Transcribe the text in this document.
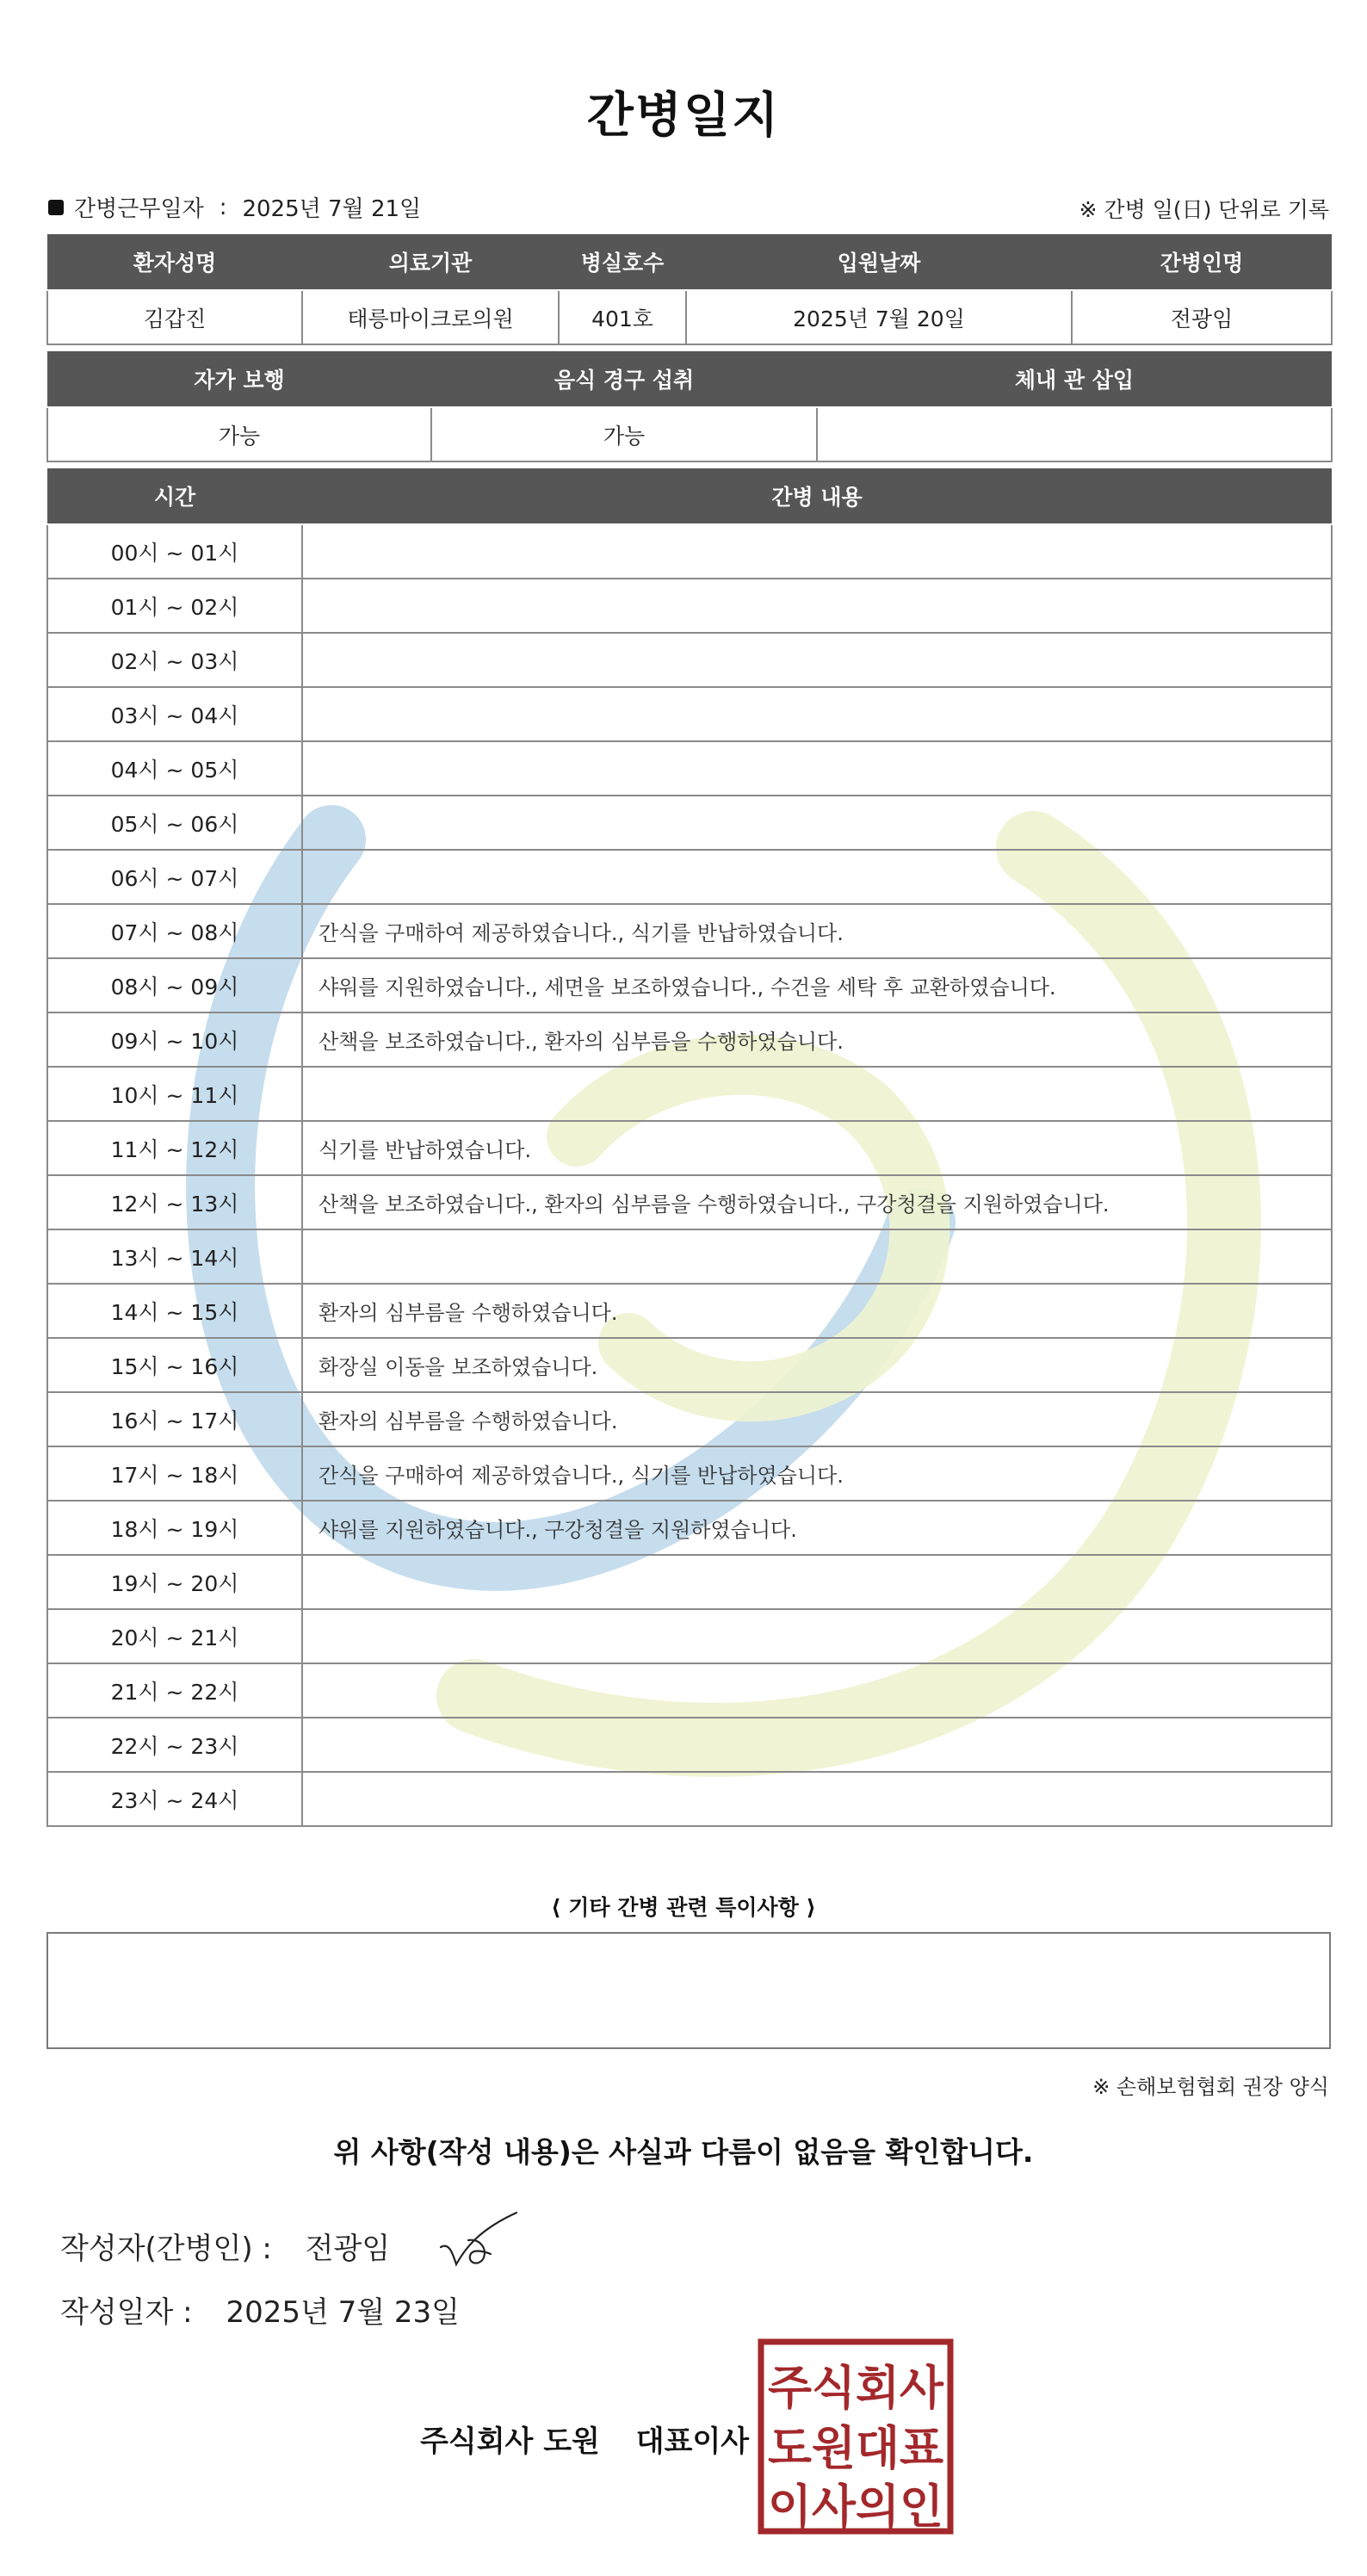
간병일지
간병근무일자 : 2025년 7월 21일	※ 간병 일(日) 단위로 기록
환자성명	의료기관	병실호수	입원날짜	간병인명
김갑진	태릉마이크로의원	401호	2025년 7월 20일	전광임
자가 보행	음식 경구 섭취	체내 관 삽입
가능	가능	
시간	간병 내용
00시 ~ 01시	
01시 ~ 02시	
02시 ~ 03시	
03시 ~ 04시	
04시 ~ 05시	
05시 ~ 06시	
06시 ~ 07시	
07시 ~ 08시	간식을 구매하여 제공하였습니다., 식기를 반납하였습니다.
08시 ~ 09시	샤워를 지원하였습니다., 세면을 보조하였습니다., 수건을 세탁 후 교환하였습니다.
09시 ~ 10시	산책을 보조하였습니다., 환자의 심부름을 수행하였습니다.
10시 ~ 11시	
11시 ~ 12시	식기를 반납하였습니다.
12시 ~ 13시	산책을 보조하였습니다., 환자의 심부름을 수행하였습니다., 구강청결을 지원하였습니다.
13시 ~ 14시	
14시 ~ 15시	환자의 심부름을 수행하였습니다.
15시 ~ 16시	화장실 이동을 보조하였습니다.
16시 ~ 17시	환자의 심부름을 수행하였습니다.
17시 ~ 18시	간식을 구매하여 제공하였습니다., 식기를 반납하였습니다.
18시 ~ 19시	샤워를 지원하였습니다., 구강청결을 지원하였습니다.
19시 ~ 20시	
20시 ~ 21시	
21시 ~ 22시	
22시 ~ 23시	
23시 ~ 24시	
⟨ 기타 간병 관련 특이사항 ⟩
※ 손해보험협회 권장 양식
위 사항(작성 내용)은 사실과 다름이 없음을 확인합니다.
작성자(간병인) : 전광임
작성일자 : 2025년 7월 23일
주식회사 도원 대표이사
주식회사
도원대표
이사의인
